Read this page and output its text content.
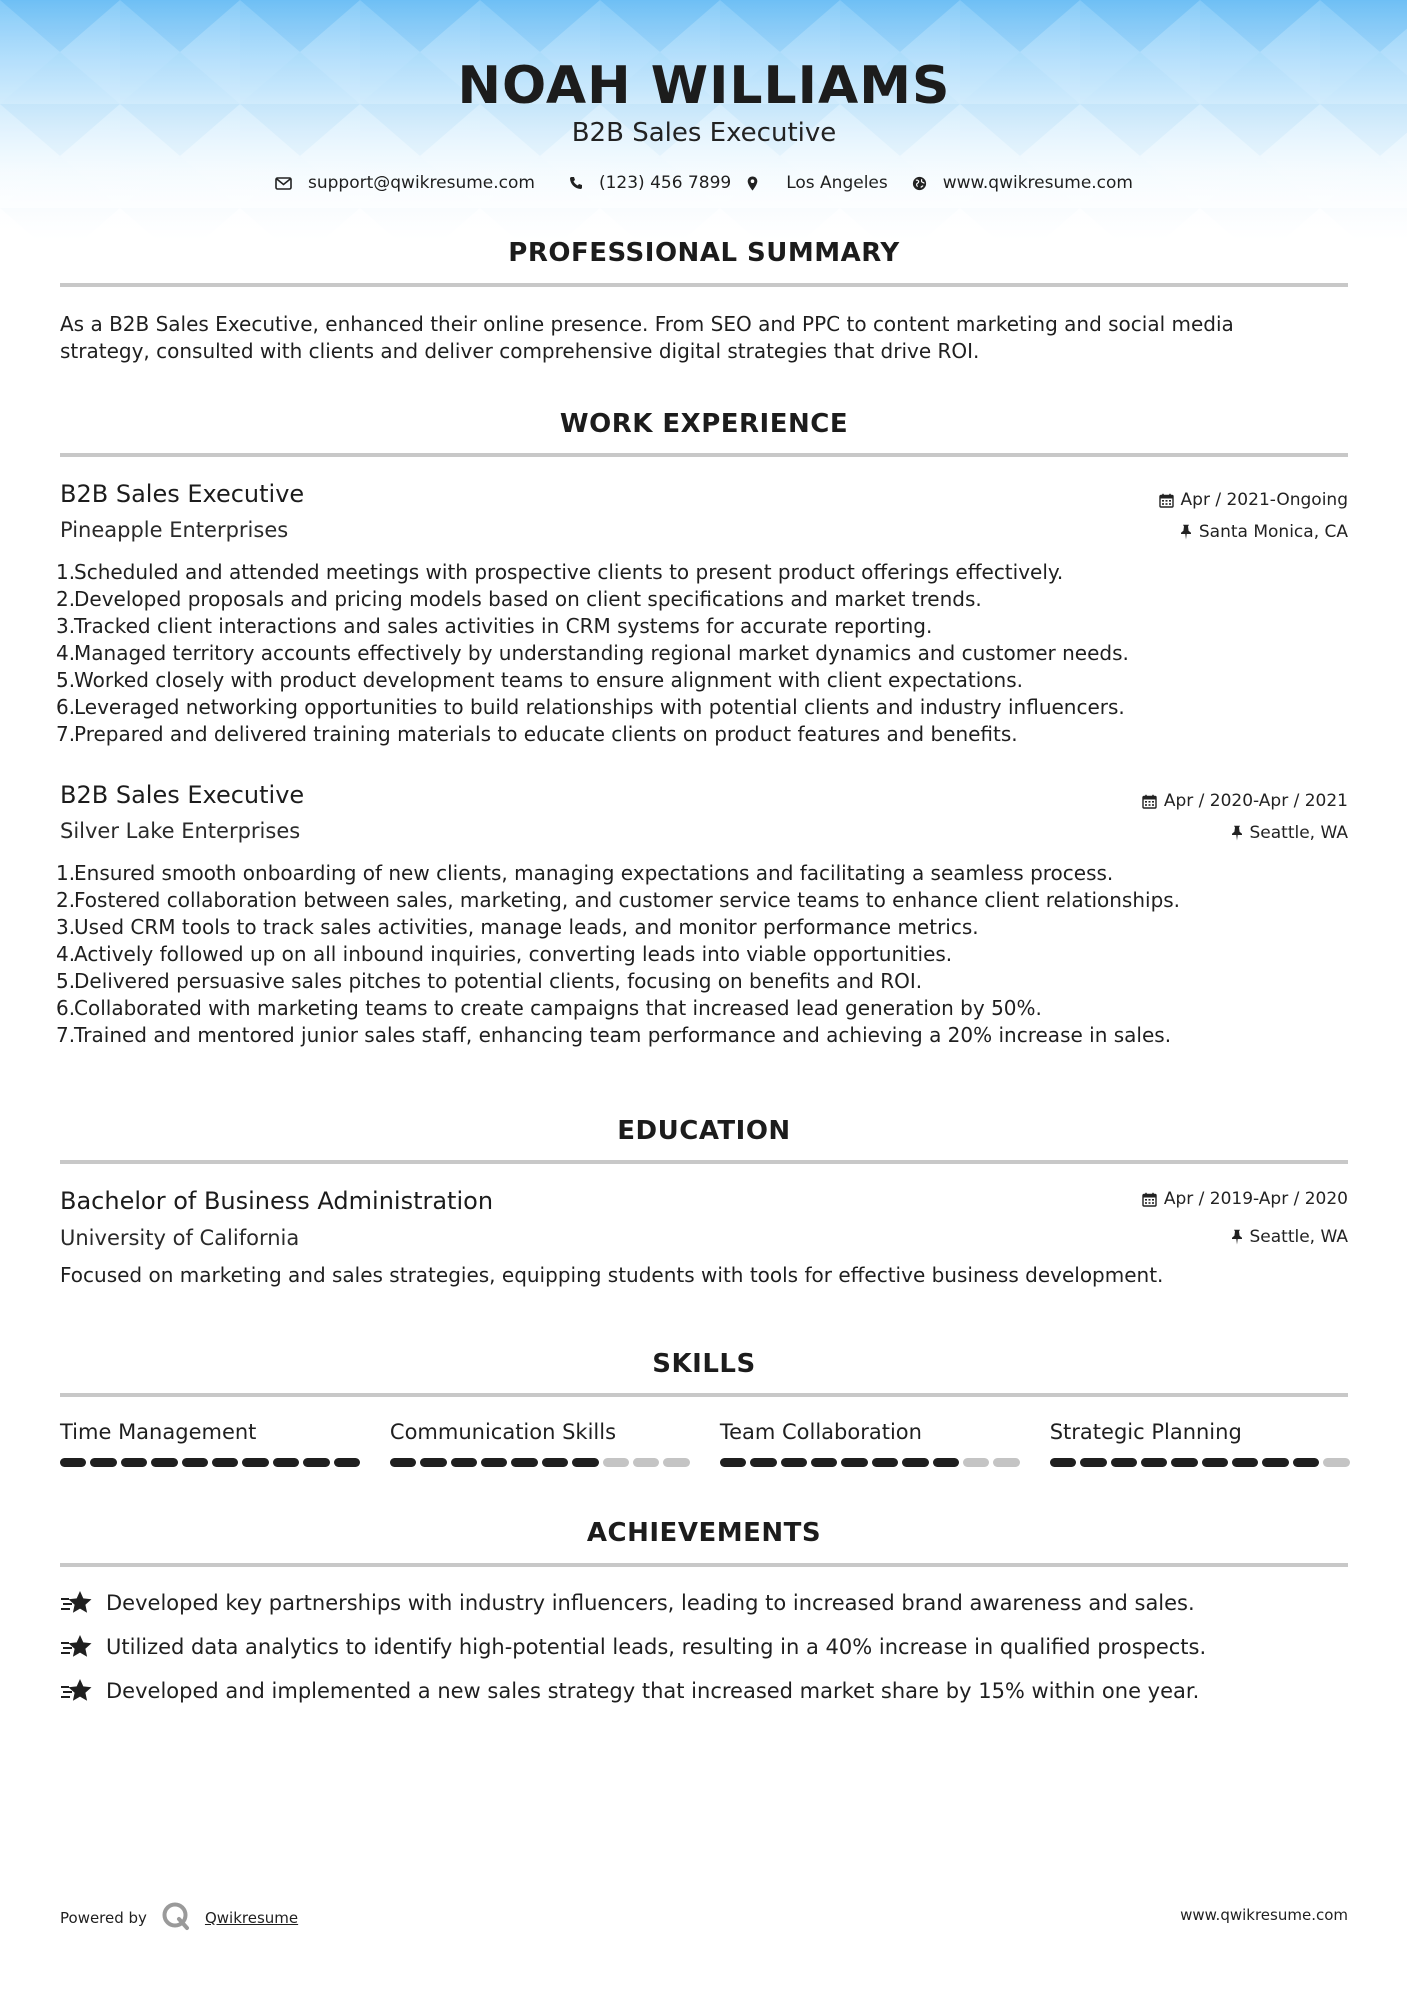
NOAH WILLIAMS
B2B Sales Executive
support@qwikresume.com	(123) 456 7899	Los Angeles	www.qwikresume.com
PROFESSIONAL SUMMARY
As a B2B Sales Executive, enhanced their online presence. From SEO and PPC to content marketing and social media
strategy, consulted with clients and deliver comprehensive digital strategies that drive ROI.
WORK EXPERIENCE
B2B Sales Executive	Apr / 2021-Ongoing
Pineapple Enterprises	Santa Monica, CA
1.
Scheduled and attended meetings with prospective clients to present product offerings effectively.
2.
Developed proposals and pricing models based on client specifications and market trends.
3.
Tracked client interactions and sales activities in CRM systems for accurate reporting.
4.
Managed territory accounts effectively by understanding regional market dynamics and customer needs.
5.
Worked closely with product development teams to ensure alignment with client expectations.
6.
Leveraged networking opportunities to build relationships with potential clients and industry influencers.
7.
Prepared and delivered training materials to educate clients on product features and benefits.
B2B Sales Executive	Apr / 2020-Apr / 2021
Silver Lake Enterprises	Seattle, WA
1.
Ensured smooth onboarding of new clients, managing expectations and facilitating a seamless process.
2.
Fostered collaboration between sales, marketing, and customer service teams to enhance client relationships.
3.
Used CRM tools to track sales activities, manage leads, and monitor performance metrics.
4.
Actively followed up on all inbound inquiries, converting leads into viable opportunities.
5.
Delivered persuasive sales pitches to potential clients, focusing on benefits and ROI.
6.
Collaborated with marketing teams to create campaigns that increased lead generation by 50%.
7.
Trained and mentored junior sales staff, enhancing team performance and achieving a 20% increase in sales.
EDUCATION
Bachelor of Business Administration	Apr / 2019-Apr / 2020
University of California	Seattle, WA
Focused on marketing and sales strategies, equipping students with tools for effective business development.
SKILLS
Time Management	Communication Skills	Team Collaboration	Strategic Planning
ACHIEVEMENTS
Developed key partnerships with industry influencers, leading to increased brand awareness and sales.
Utilized data analytics to identify high-potential leads, resulting in a 40% increase in qualified prospects.
Developed and implemented a new sales strategy that increased market share by 15% within one year.
Powered by	Qwikresume	www.qwikresume.com
